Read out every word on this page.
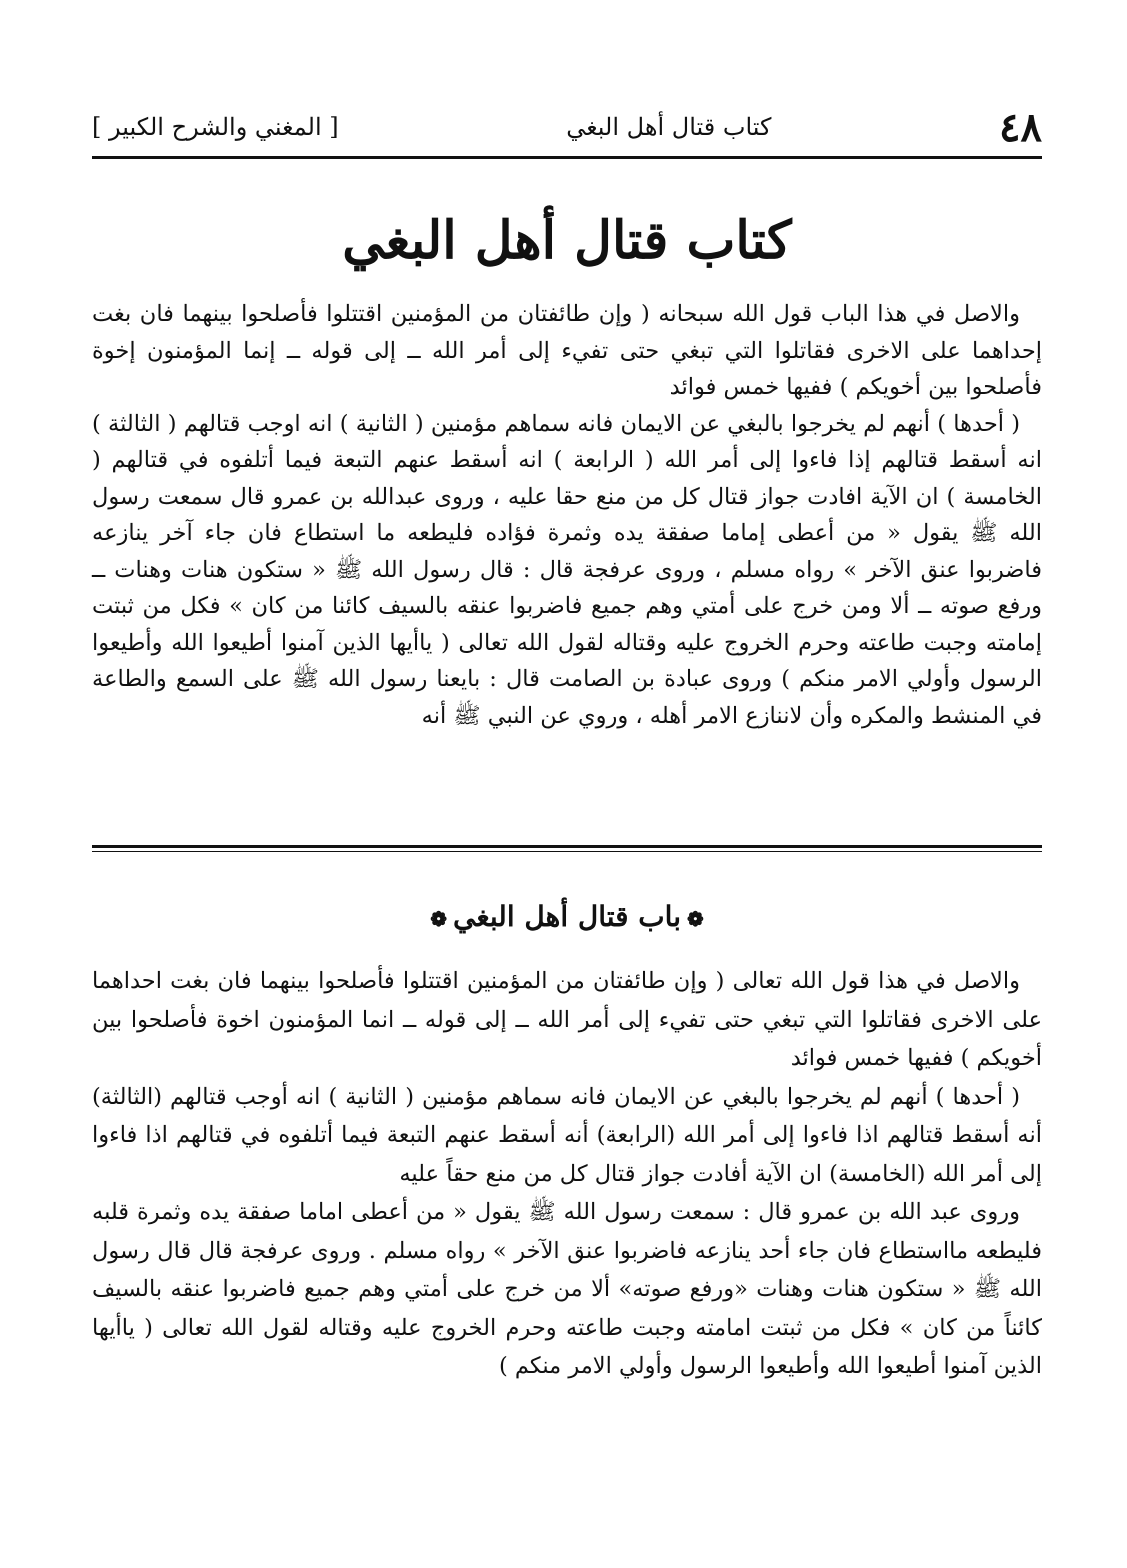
٤٨
كتاب قتال أهل البغي
[ المغني والشرح الكبير ]
كتاب قتال أهل البغي

والاصل في هذا الباب قول الله سبحانه ( وإن طائفتان من المؤمنين اقتتلوا فأصلحوا بينهما فان بغت إحداهما على الاخرى فقاتلوا التي تبغي حتى تفيء إلى أمر الله ــ إلى قوله ــ إنما المؤمنون إخوة فأصلحوا بين أخويكم ) ففيها خمس فوائد

( أحدها ) أنهم لم يخرجوا بالبغي عن الايمان فانه سماهم مؤمنين ( الثانية ) انه اوجب قتالهم ( الثالثة ) انه أسقط قتالهم إذا فاءوا إلى أمر الله ( الرابعة ) انه أسقط عنهم التبعة فيما أتلفوه في قتالهم ( الخامسة ) ان الآية افادت جواز قتال كل من منع حقا عليه ، وروى عبدالله بن عمرو قال سمعت رسول الله ﷺ يقول « من أعطى إماما صفقة يده وثمرة فؤاده فليطعه ما استطاع فان جاء آخر ينازعه فاضربوا عنق الآخر » رواه مسلم ، وروى عرفجة قال : قال رسول الله ﷺ « ستكون هنات وهنات ــ ورفع صوته ــ ألا ومن خرج على أمتي وهم جميع فاضربوا عنقه بالسيف كائنا من كان » فكل من ثبتت إمامته وجبت طاعته وحرم الخروج عليه وقتاله لقول الله تعالى ( ياأيها الذين آمنوا أطيعوا الله وأطيعوا الرسول وأولي الامر منكم ) وروى عبادة بن الصامت قال : بايعنا رسول الله ﷺ على السمع والطاعة في المنشط والمكره وأن لاننازع الامر أهله ، وروي عن النبي ﷺ أنه

❁باب قتال أهل البغي❁

والاصل في هذا قول الله تعالى ( وإن طائفتان من المؤمنين اقتتلوا فأصلحوا بينهما فان بغت احداهما على الاخرى فقاتلوا التي تبغي حتى تفيء إلى أمر الله ــ إلى قوله ــ انما المؤمنون اخوة فأصلحوا بين أخويكم ) ففيها خمس فوائد

( أحدها ) أنهم لم يخرجوا بالبغي عن الايمان فانه سماهم مؤمنين ( الثانية ) انه أوجب قتالهم (الثالثة) أنه أسقط قتالهم اذا فاءوا إلى أمر الله (الرابعة) أنه أسقط عنهم التبعة فيما أتلفوه في قتالهم اذا فاءوا إلى أمر الله (الخامسة) ان الآية أفادت جواز قتال كل من منع حقاً عليه

وروى عبد الله بن عمرو قال : سمعت رسول الله ﷺ يقول « من أعطى اماما صفقة يده وثمرة قلبه فليطعه مااستطاع فان جاء أحد ينازعه فاضربوا عنق الآخر » رواه مسلم . وروى عرفجة قال قال رسول الله ﷺ « ستكون هنات وهنات «ورفع صوته» ألا من خرج على أمتي وهم جميع فاضربوا عنقه بالسيف كائناً من كان » فكل من ثبتت امامته وجبت طاعته وحرم الخروج عليه وقتاله لقول الله تعالى ( ياأيها الذين آمنوا أطيعوا الله وأطيعوا الرسول وأولي الامر منكم )
